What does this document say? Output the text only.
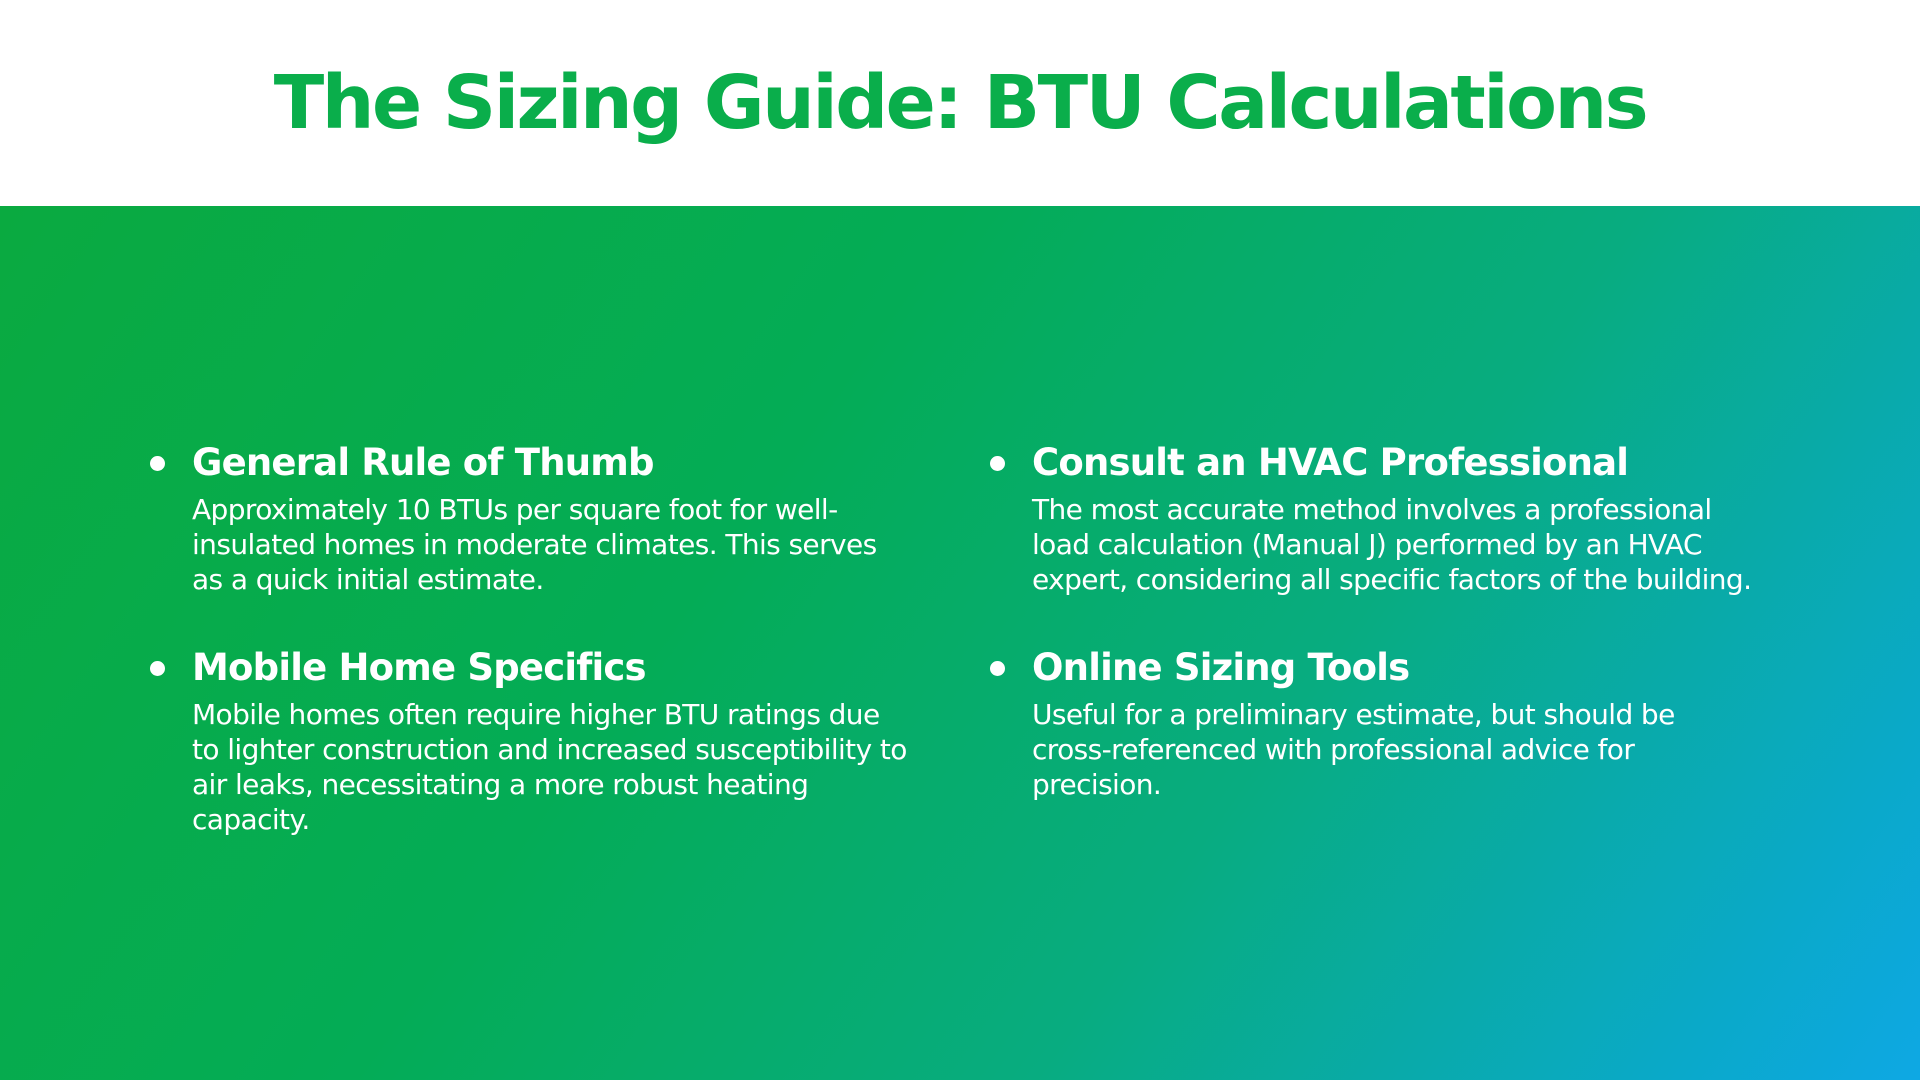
The Sizing Guide: BTU Calculations
General Rule of Thumb
Approximately 10 BTUs per square foot for well-insulated homes in moderate climates. This serves as a quick initial estimate.
Mobile Home Specifics
Mobile homes often require higher BTU ratings due to lighter construction and increased susceptibility to air leaks, necessitating a more robust heating capacity.
Consult an HVAC Professional
The most accurate method involves a professional load calculation (Manual J) performed by an HVAC expert, considering all specific factors of the building.
Online Sizing Tools
Useful for a preliminary estimate, but should be cross-referenced with professional advice for precision.
